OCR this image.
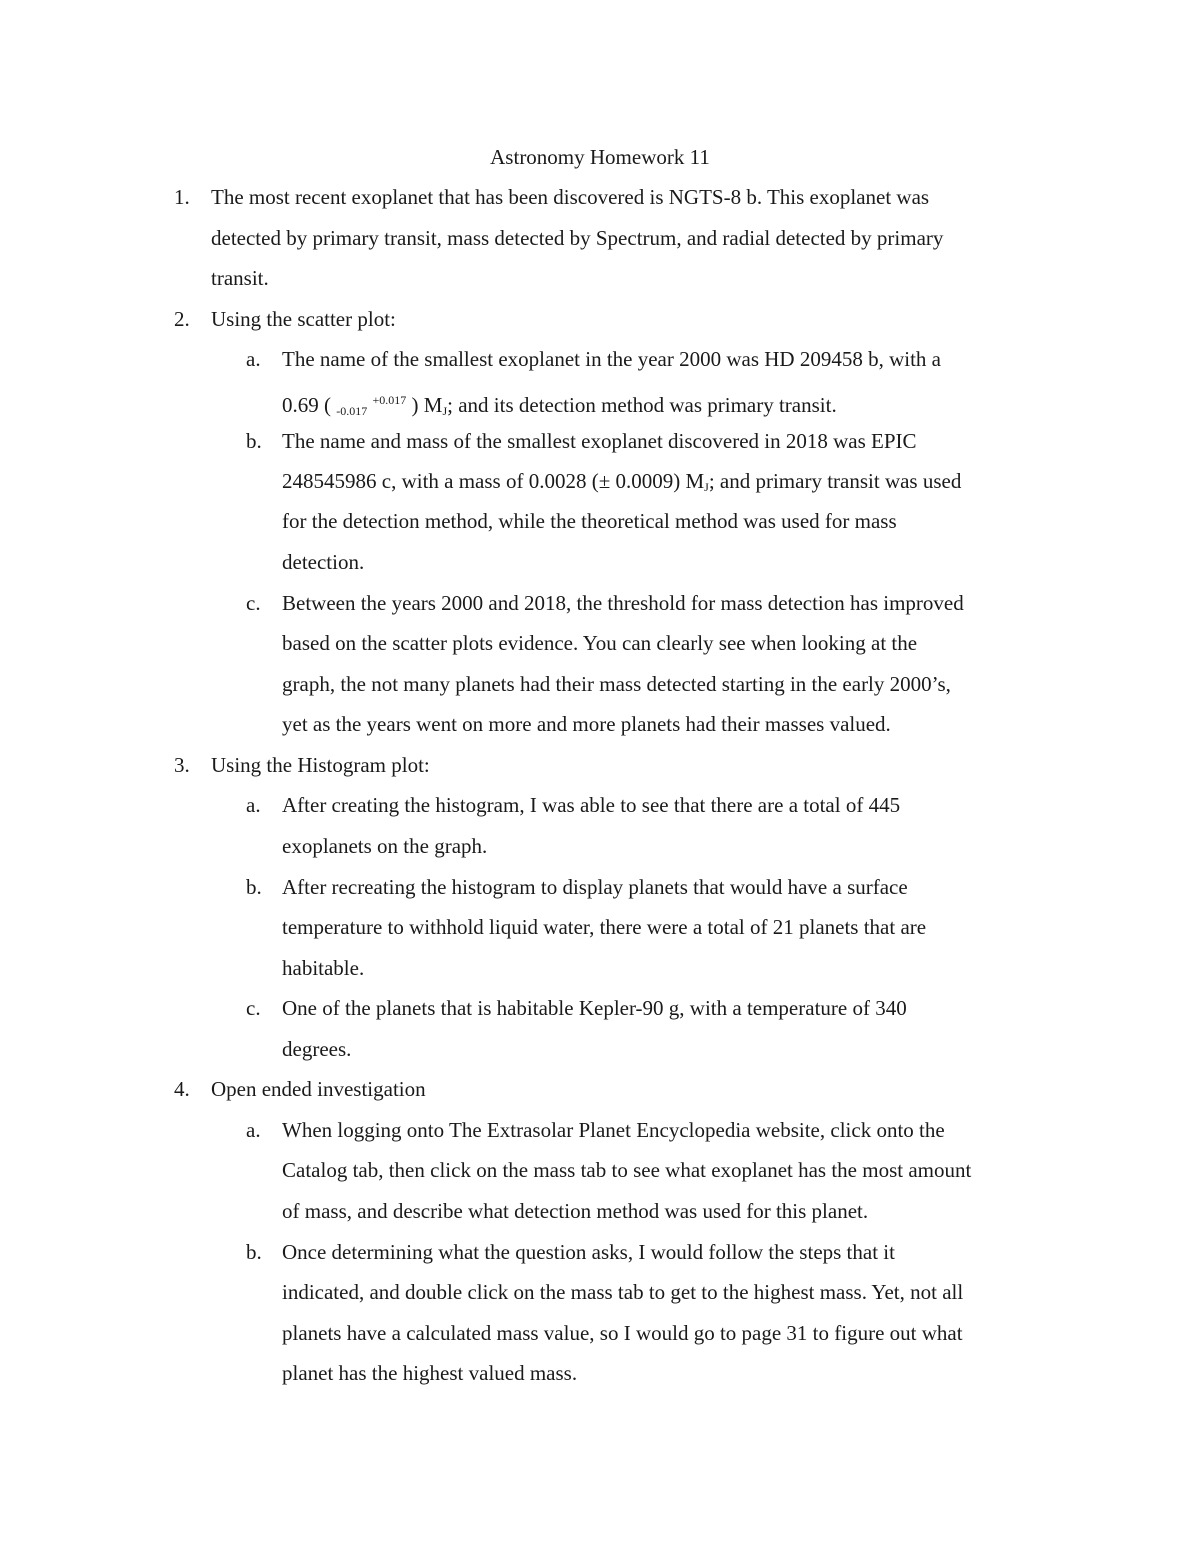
Astronomy Homework 11
1. The most recent exoplanet that has been discovered is NGTS-8 b. This exoplanet was
detected by primary transit, mass detected by Spectrum, and radial detected by primary
transit.
2. Using the scatter plot:
a. The name of the smallest exoplanet in the year 2000 was HD 209458 b, with a
0.69 ( $_{-0.017}$ $^{+0.017}$ ) $M_J$; and its detection method was primary transit.
b. The name and mass of the smallest exoplanet discovered in 2018 was EPIC
248545986 c, with a mass of 0.0028 (± 0.0009) $M_J$; and primary transit was used
for the detection method, while the theoretical method was used for mass
detection.
c. Between the years 2000 and 2018, the threshold for mass detection has improved
based on the scatter plots evidence. You can clearly see when looking at the
graph, the not many planets had their mass detected starting in the early 2000’s,
yet as the years went on more and more planets had their masses valued.
3. Using the Histogram plot:
a. After creating the histogram, I was able to see that there are a total of 445
exoplanets on the graph.
b. After recreating the histogram to display planets that would have a surface
temperature to withhold liquid water, there were a total of 21 planets that are
habitable.
c. One of the planets that is habitable Kepler-90 g, with a temperature of 340
degrees.
4. Open ended investigation
a. When logging onto The Extrasolar Planet Encyclopedia website, click onto the
Catalog tab, then click on the mass tab to see what exoplanet has the most amount
of mass, and describe what detection method was used for this planet.
b. Once determining what the question asks, I would follow the steps that it
indicated, and double click on the mass tab to get to the highest mass. Yet, not all
planets have a calculated mass value, so I would go to page 31 to figure out what
planet has the highest valued mass.
